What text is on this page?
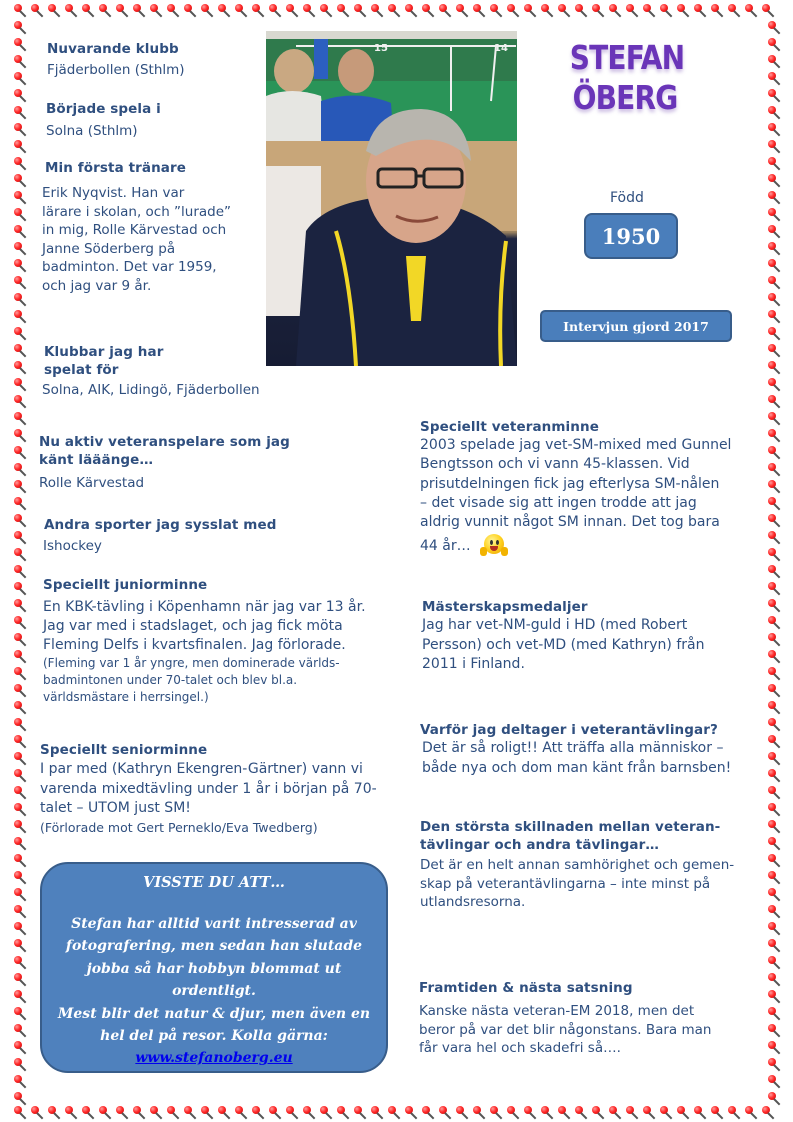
STEFAN
ÖBERG
15	14
Född
1950
Intervjun gjord 2017
Nuvarande klubb
Fjäderbollen (Sthlm)
Började spela i
Solna (Sthlm)
Min första tränare
Erik Nyqvist. Han var
lärare i skolan, och ”lurade”
in mig, Rolle Kärvestad och
Janne Söderberg på
badminton. Det var 1959,
och jag var 9 år.
Klubbar jag har
spelat för
Solna, AIK, Lidingö, Fjäderbollen
Nu aktiv veteranspelare som jag
känt lääänge…
Rolle Kärvestad
Andra sporter jag sysslat med
Ishockey
Speciellt juniorminne
En KBK-tävling i Köpenhamn när jag var 13 år.
Jag var med i stadslaget, och jag fick möta
Fleming Delfs i kvartsfinalen. Jag förlorade.
(Fleming var 1 år yngre, men dominerade världs-
badmintonen under 70-talet och blev bl.a.
världsmästare i herrsingel.)
Speciellt seniorminne
I par med (Kathryn Ekengren-Gärtner) vann vi
varenda mixedtävling under 1 år i början på 70-
talet – UTOM just SM!
(Förlorade mot Gert Perneklo/Eva Twedberg)
VISSTE DU ATT…
Stefan har alltid varit intresserad av
fotografering, men sedan han slutade
jobba så har hobbyn blommat ut
ordentligt.
Mest blir det natur & djur, men även en
hel del på resor. Kolla gärna:
www.stefanoberg.eu
Speciellt veteranminne
2003 spelade jag vet-SM-mixed med Gunnel
Bengtsson och vi vann 45-klassen. Vid
prisutdelningen fick jag efterlysa SM-nålen
– det visade sig att ingen trodde att jag
aldrig vunnit något SM innan. Det tog bara
44 år…
Mästerskapsmedaljer
Jag har vet-NM-guld i HD (med Robert
Persson) och vet-MD (med Kathryn) från
2011 i Finland.
Varför jag deltager i veterantävlingar?
Det är så roligt!! Att träffa alla människor –
både nya och dom man känt från barnsben!
Den största skillnaden mellan veteran-
tävlingar och andra tävlingar…
Det är en helt annan samhörighet och gemen-
skap på veterantävlingarna – inte minst på
utlandsresorna.
Framtiden & nästa satsning
Kanske nästa veteran-EM 2018, men det
beror på var det blir någonstans. Bara man
får vara hel och skadefri så….
